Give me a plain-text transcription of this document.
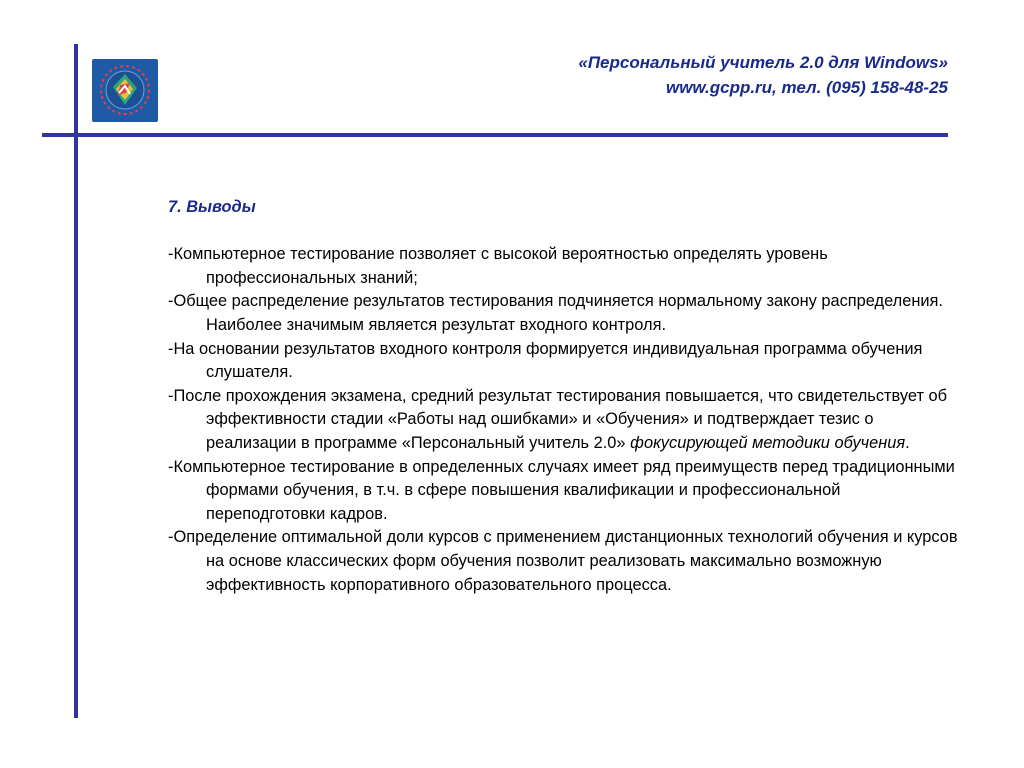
«Персональный учитель 2.0 для Windows»
www.gcpp.ru, тел. (095) 158-48-25
7. Выводы
-Компьютерное тестирование позволяет с высокой вероятностью определять уровень профессиональных знаний;
-Общее распределение результатов тестирования подчиняется нормальному закону распределения. Наиболее значимым является результат входного контроля.
-На основании результатов входного контроля формируется индивидуальная программа обучения слушателя.
-После прохождения экзамена, средний результат тестирования повышается, что свидетельствует об эффективности стадии «Работы над ошибками» и «Обучения» и подтверждает тезис о реализации в программе «Персональный учитель 2.0» фокусирующей методики обучения.
-Компьютерное тестирование в определенных случаях имеет ряд преимуществ перед традиционными формами обучения, в т.ч. в сфере повышения квалификации и профессиональной переподготовки кадров.
-Определение оптимальной доли курсов с применением дистанционных технологий обучения и курсов на основе классических форм обучения позволит реализовать максимально возможную эффективность корпоративного образовательного процесса.
